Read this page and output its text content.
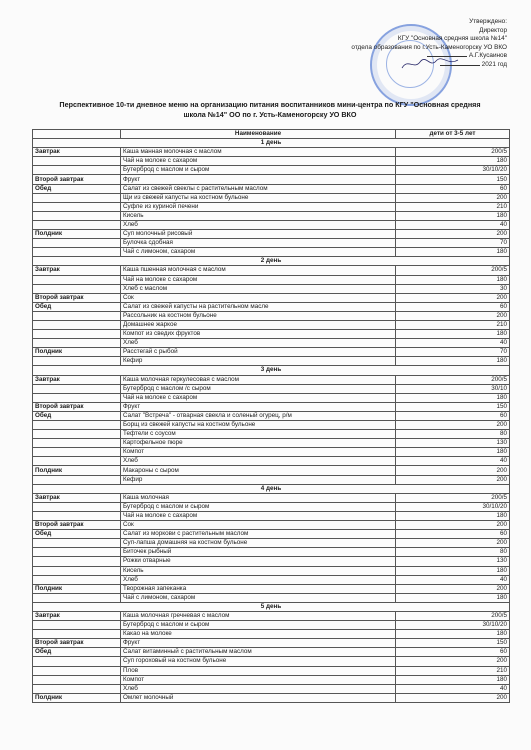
Утверждено:
Директор
КГУ "Основная средняя школа №14"
отдела образования по г.Усть-Каменогорску УО ВКО
А.Г.Кусаинов
2021 год
Перспективное 10-ти дневное меню на организацию питания воспитанников мини-центра по КГУ "Основная средняя
школа №14" ОО по г. Усть-Каменогорску УО ВКО
	Наименование	дети от 3-5 лет
1 день		
Завтрак	Каша манная молочная с маслом	200/5
	Чай на молоке с сахаром	180
	Бутерброд с маслом и сыром	30/10/20
Второй завтрак	Фрукт	150
Обед	Салат из свежей свеклы с растительным маслом	60
	Щи из свежей капусты на костном бульоне	200
	Суфле из куриной печени	210
	Кисель	180
	Хлеб	40
Полдник	Суп молочный рисовый	200
	Булочка сдобная	70
	Чай с лимоном, сахаром	180
2 день		
Завтрак	Каша пшенная молочная с маслом	200/5
	Чай на молоке с сахаром	180
	Хлеб с маслом	30
Второй завтрак	Сок	200
Обед	Салат из свежей капусты на растительном масле	60
	Рассольник на костном бульоне	200
	Домашнее жаркое	210
	Компот из сведих фруктов	180
	Хлеб	40
Полдник	Расстегай с рыбой	70
	Кефир	180
3 день		
Завтрак	Каша молочная геркулесовая с маслом	200/5
	Бутерброд с маслом /с сыром	30/10
	Чай на молоке с сахаром	180
Второй завтрак	Фрукт	150
Обед	Салат "Встреча" - отварная свекла и соленый огурец, р/м	60
	Борщ из свежей капусты на костном бульоне	200
	Тефтели с соусом	80
	Картофельное пюре	130
	Компот	180
	Хлеб	40
Полдник	Макароны с сыром	200
	Кефир	200
4 день		
Завтрак	Каша молочная	200/5
	Бутерброд с маслом и сыром	30/10/20
	Чай на молоке с сахаром	180
Второй завтрак	Сок	200
Обед	Салат из моркови с растительным маслом	60
	Суп-лапша домашняя на костном бульоне	200
	Биточек рыбный	80
	Рожки отварные	130
	Кисель	180
	Хлеб	40
Полдник	Творожная запеканка	200
	Чай с лимоном, сахаром	180
5 день		
Завтрак	Каша молочная гречневая с маслом	200/5
	Бутерброд с маслом и сыром	30/10/20
	Какао на молоке	180
Второй завтрак	Фрукт	150
Обед	Салат витаминный с растительным маслом	60
	Суп гороховый на костном бульоне	200
	Плов	210
	Компот	180
	Хлеб	40
Полдник	Омлет молочный	200
